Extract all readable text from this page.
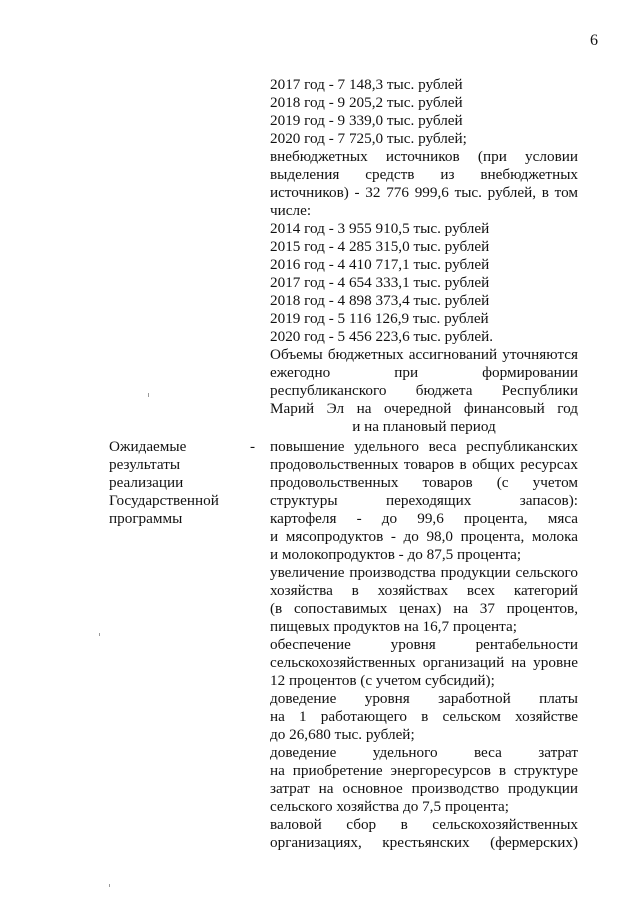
6
2017 год - 7 148,3 тыс. рублей
2018 год - 9 205,2 тыс. рублей
2019 год - 9 339,0 тыс. рублей
2020 год - 7 725,0 тыс. рублей;
внебюджетных источников (при условии
выделения средств из внебюджетных
источников) - 32 776 999,6 тыс. рублей, в том
числе:
2014 год - 3 955 910,5 тыс. рублей
2015 год - 4 285 315,0 тыс. рублей
2016 год - 4 410 717,1 тыс. рублей
2017 год - 4 654 333,1 тыс. рублей
2018 год - 4 898 373,4 тыс. рублей
2019 год - 5 116 126,9 тыс. рублей
2020 год - 5 456 223,6 тыс. рублей.
Объемы бюджетных ассигнований уточняются
ежегодно при формировании
республиканского бюджета Республики
Марий Эл на очередной финансовый год
и на плановый период
Ожидаемые
результаты
реализации
Государственной
программы
- повышение удельного веса республиканских
продовольственных товаров в общих ресурсах
продовольственных товаров (с учетом
структуры переходящих запасов):
картофеля - до 99,6 процента, мяса
и мясопродуктов - до 98,0 процента, молока
и молокопродуктов - до 87,5 процента;
увеличение производства продукции сельского
хозяйства в хозяйствах всех категорий
(в сопоставимых ценах) на 37 процентов,
пищевых продуктов на 16,7 процента;
обеспечение уровня рентабельности
сельскохозяйственных организаций на уровне
12 процентов (с учетом субсидий);
доведение уровня заработной платы
на 1 работающего в сельском хозяйстве
до 26,680 тыс. рублей;
доведение удельного веса затрат
на приобретение энергоресурсов в структуре
затрат на основное производство продукции
сельского хозяйства до 7,5 процента;
валовой сбор в сельскохозяйственных
организациях, крестьянских (фермерских)
